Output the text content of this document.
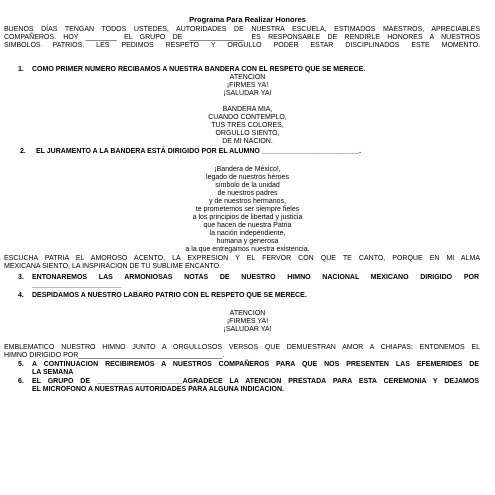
Programa Para Realizar Honores
BUENOS DÍAS TENGAN TODOS USTEDES, AUTORIDADES DE NUESTRA ESCUELA, ESTIMADOS MAESTROS, APRECIABLES
COMPAÑEROS. HOY ________ EL GRUPO DE ______________ ES RESPONSABLE DE RENDIRLE HONORES A NUESTROS
SIMBOLOS PATRIOS. LES PEDIMOS RESPETO Y ORGULLO PODER ESTAR DISCIPLINADOS ESTE MOMENTO.
1. COMO PRIMER NUMERO RECIBAMOS A NUESTRA BANDERA CON EL RESPETO QUE SE MERECE.
ATENCION
¡FIRMES YA!
¡SALUDAR YA!
BANDERA MIA,
CUANDO CONTEMPLO,
TUS TRES COLORES,
ORGULLO SIENTO,
DE MI NACION.
2. EL JURAMENTO A LA BANDERA ESTÁ DIRIGIDO POR EL ALUMNO _________________________.
¡Bandera de México!,
legado de nuestros héroes
símbolo de la unidad
de nuestros padres
y de nuestros hermanos,
te prometemos ser siempre fieles
a los principios de libertad y justicia
que hacen de nuestra Patria
la nación independiente,
humana y generosa
a la que entregamos nuestra existencia.
ESCUCHA PATRIA EL AMOROSO ACENTO, LA EXPRESION Y EL FERVOR CON QUE TE CANTO, PORQUE EN MI ALMA
MEXICANA SIENTO, LA INSPIRACION DE TU SUBLIME ENCANTO.
3. ENTONAREMOS LAS ARMONIOSAS NOTAS DE NUESTRO HIMNO NACIONAL MEXICANO DIRIGIDO POR
_______________________
4. DESPIDAMOS A NUESTRO LABARO PATRIO CON EL RESPETO QUE SE MERECE.
ATENCION
¡FIRMES YA!
¡SALUDAR YA!
EMBLEMATICO NUESTRO HIMNO JUNTO A ORGULLOSOS VERSOS QUE DEMUESTRAN AMOR A CHIAPAS: ENTONEMOS EL
HIMNO DIRIGIDO POR_____________________________________.
5. A CONTINUACION RECIBIREMOS A NUESTROS COMPAÑEROS PARA QUE NOS PRESENTEN LAS EFEMERIDES DE
LA SEMANA
6. EL GRUPO DE ______________________AGRADECE LA ATENCION PRESTADA PARA ESTA CEREMONIA Y DEJAMOS
EL MICROFONO A NUESTRAS AUTORIDADES PARA ALGUNA INDICACION.
